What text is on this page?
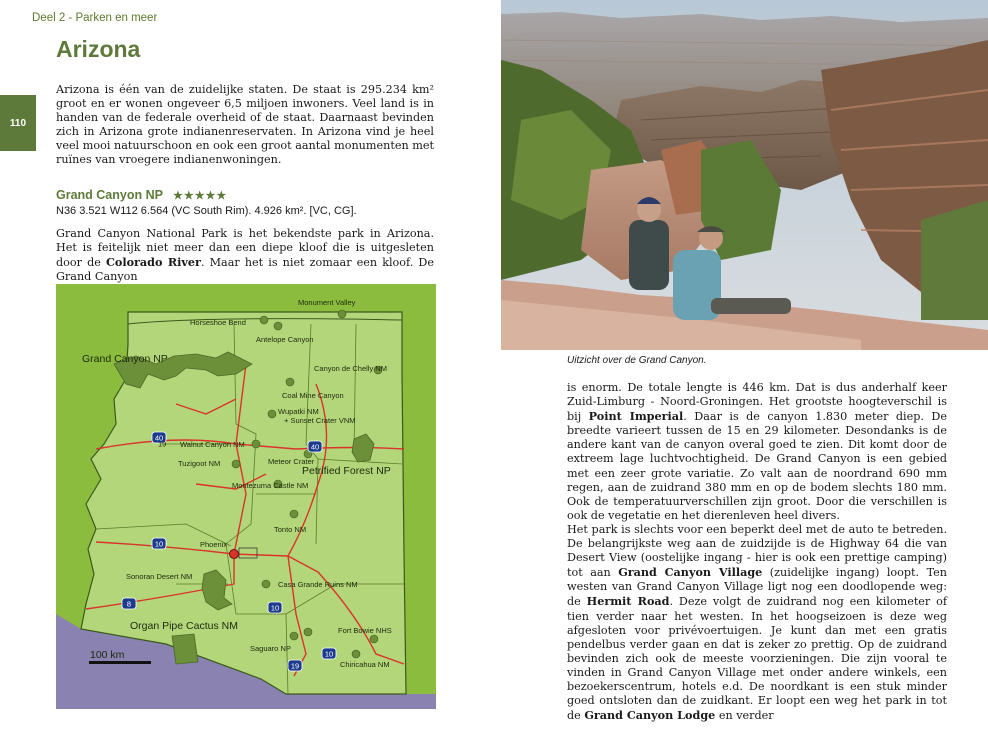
Deel 2 - Parken en meer
110
Arizona
Arizona is één van de zuidelijke staten. De staat is 295.234 km² groot en er wonen ongeveer 6,5 miljoen inwoners. Veel land is in handen van de federale overheid of de staat. Daarnaast bevinden zich in Arizona grote indianenreservaten. In Arizona vind je heel veel mooi natuurschoon en ook een groot aantal monumenten met ruïnes van vroegere indianenwoningen.
Grand Canyon NP ★★★★★
N36 3.521 W112 6.564 (VC South Rim). 4.926 km². [VC, CG].
Grand Canyon National Park is het bekendste park in Arizona. Het is feitelijk niet meer dan een diepe kloof die is uitgesleten door de Colorado River. Maar het is niet zomaar een kloof. De Grand Canyon
40
40
10
8	10
19
10
19
Monument Valley
Horseshoe Bend
Antelope Canyon
Grand Canyon NP
Canyon de Chelly NM
Coal Mine Canyon
Wupatki NM
+ Sunset Crater VNM
Walnut Canyon NM
Tuzigoot NM	Meteor Crater
Petrified Forest NP
Montezuma Castle NM
Tonto NM
Phoenix
Sonoran Desert NM
Casa Grande Ruins NM
Organ Pipe Cactus NM	Fort Bowie NHS
Saguaro NP
Chiricahua NM
100 km
Uitzicht over de Grand Canyon.

is enorm. De totale lengte is 446 km. Dat is dus anderhalf keer Zuid-Limburg - Noord-Groningen. Het grootste hoogteverschil is bij Point Imperial. Daar is de canyon 1.830 meter diep. De breedte varieert tussen de 15 en 29 kilometer. Desondanks is de andere kant van de canyon overal goed te zien. Dit komt door de extreem lage luchtvochtigheid. De Grand Canyon is een gebied met een zeer grote variatie. Zo valt aan de noordrand 690 mm regen, aan de zuidrand 380 mm en op de bodem slechts 180 mm. Ook de temperatuurverschillen zijn groot. Door die verschillen is ook de vegetatie en het dierenleven heel divers.

Het park is slechts voor een beperkt deel met de auto te betreden. De belangrijkste weg aan de zuidzijde is de Highway 64 die van Desert View (oostelijke ingang - hier is ook een prettige camping) tot aan Grand Canyon Village (zuidelijke ingang) loopt. Ten westen van Grand Canyon Village ligt nog een doodlopende weg: de Hermit Road. Deze volgt de zuidrand nog een kilometer of tien verder naar het westen. In het hoogseizoen is deze weg afgesloten voor privévoertuigen. Je kunt dan met een gratis pendelbus verder gaan en dat is zeker zo prettig. Op de zuidrand bevinden zich ook de meeste voorzieningen. Die zijn vooral te vinden in Grand Canyon Village met onder andere winkels, een bezoekerscentrum, hotels e.d. De noordkant is een stuk minder goed ontsloten dan de zuidkant. Er loopt een weg het park in tot de Grand Canyon Lodge en verder
